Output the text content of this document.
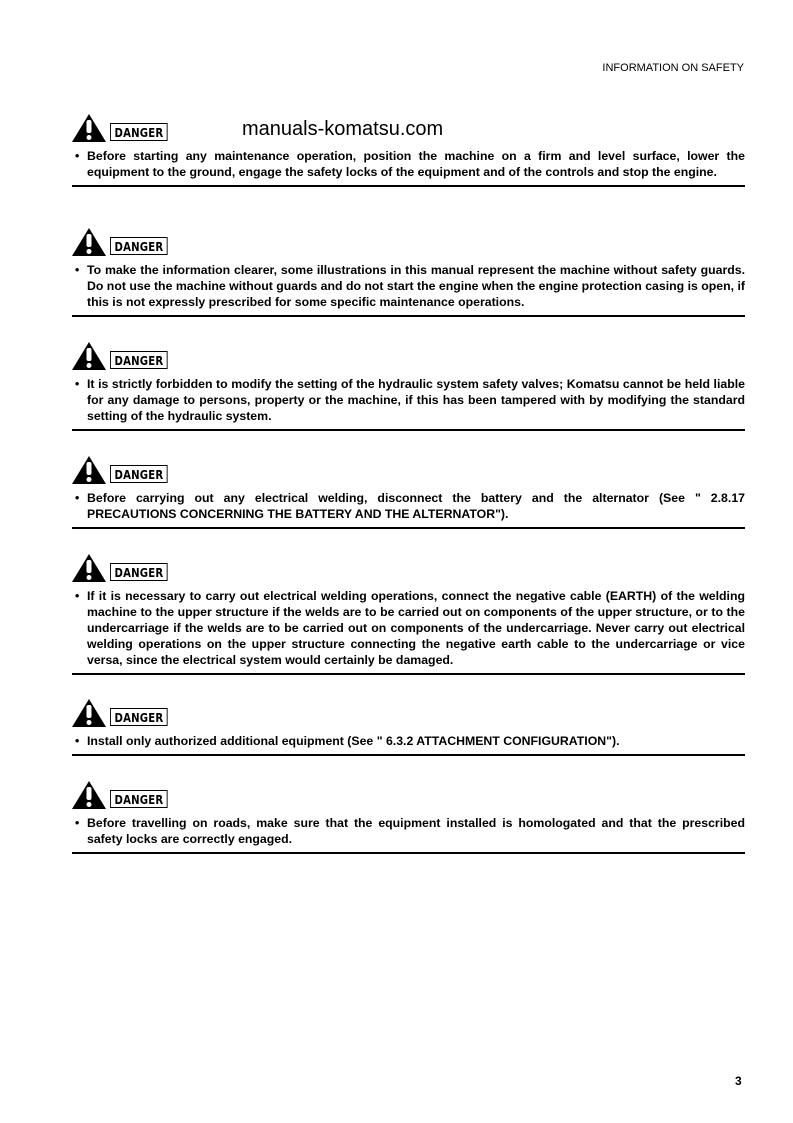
INFORMATION ON SAFETY
manuals-komatsu.com
DANGER
• Before starting any maintenance operation, position the machine on a firm and level surface, lower the equipment to the ground, engage the safety locks of the equipment and of the controls and stop the engine.
DANGER
• To make the information clearer, some illustrations in this manual represent the machine without safety guards. Do not use the machine without guards and do not start the engine when the engine protection casing is open, if this is not expressly prescribed for some specific maintenance operations.
DANGER
• It is strictly forbidden to modify the setting of the hydraulic system safety valves; Komatsu cannot be held liable for any damage to persons, property or the machine, if this has been tampered with by modifying the standard setting of the hydraulic system.
DANGER
• Before carrying out any electrical welding, disconnect the battery and the alternator (See " 2.8.17 PRECAUTIONS CONCERNING THE BATTERY AND THE ALTERNATOR").
DANGER
• If it is necessary to carry out electrical welding operations, connect the negative cable (EARTH) of the welding machine to the upper structure if the welds are to be carried out on components of the upper structure, or to the undercarriage if the welds are to be carried out on components of the undercarriage. Never carry out electrical welding operations on the upper structure connecting the negative earth cable to the undercarriage or vice versa, since the electrical system would certainly be damaged.
DANGER
• Install only authorized additional equipment (See " 6.3.2 ATTACHMENT CONFIGURATION").
DANGER
• Before travelling on roads, make sure that the equipment installed is homologated and that the prescribed safety locks are correctly engaged.
3
